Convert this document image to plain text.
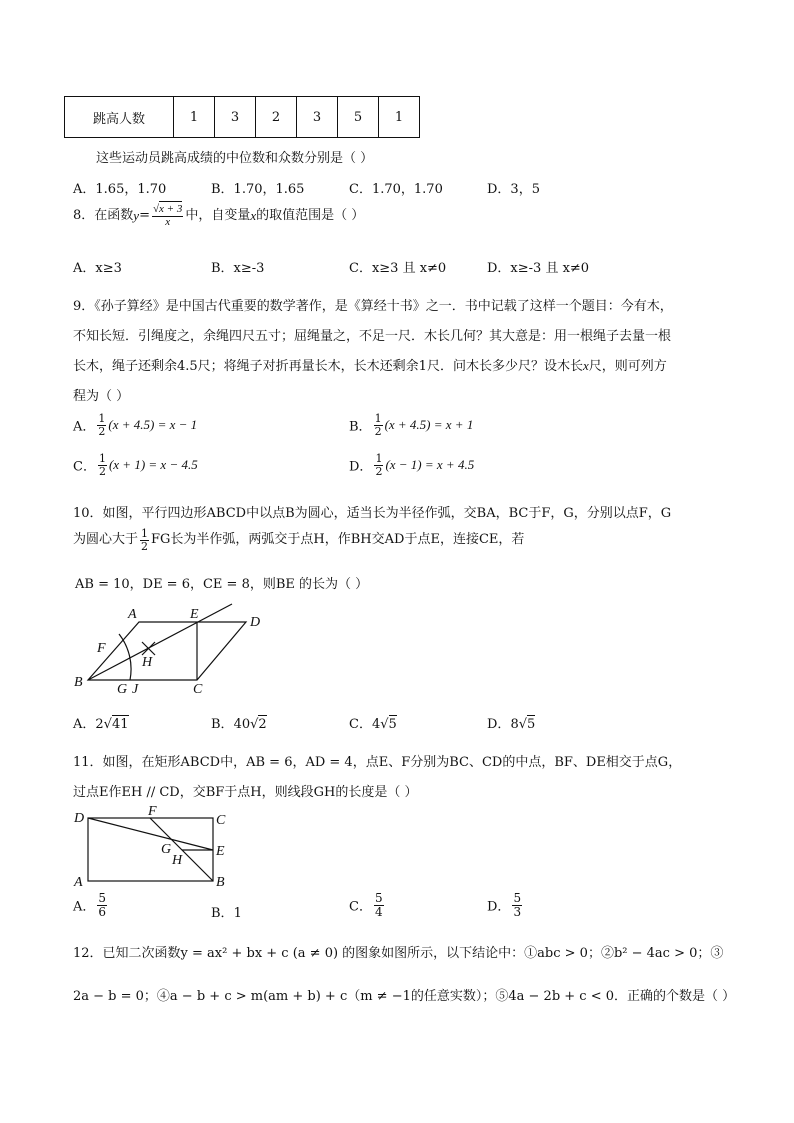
跳高人数	1	3	2	3	5	1
这些运动员跳高成绩的中位数和众数分别是（ ）
A．1.65，1.70	B．1.70，1.65	C．1.70，1.70	D．3，5
8．在函数$y= \frac{√x + 3}{x}$ 中，自变量x的取值范围是（ ）
A．x≥3	B．x≥-3	C．x≥3 且 x≠0	D．x≥-3 且 x≠0
9．《孙子算经》是中国古代重要的数学著作，是《算经十书》之一．书中记载了这样一个题目：今有木，
不知长短．引绳度之，余绳四尺五寸；屈绳量之，不足一尺．木长几何？其大意是：用一根绳子去量一根
长木，绳子还剩余4.5尺；将绳子对折再量长木，长木还剩余1尺．问木长多少尺？设木长x尺，则可列方
程为（ ）
A． $\frac{1}{2} (x + 4.5) = x - 1$	B． $\frac{1}{2} (x + 4.5) = x + 1$
C． $\frac{1}{2} (x + 1) = x - 4.5$	D． $\frac{1}{2} (x - 1) = x + 4.5$
10．如图，平行四边形ABCD中以点B为圆心，适当长为半径作弧，交BA，BC于F，G，分别以点F，G
为圆心大于 $\frac{1}{2}$ FG长为半作弧，两弧交于点H，作BH交AD于点E，连接CE，若
AB = 10，DE = 6，CE = 8，则BE 的长为（ ）
A	E
D
F
H
B G J	C
A．2√41	B．40√2	C．4√5	D．8√5
11．如图，在矩形ABCD中，AB = 6，AD = 4，点E、F分别为BC、CD的中点，BF、DE相交于点G，
过点E作EH // CD，交BF于点H，则线段GH的长度是（ ）
D	F
C
G
H
E
A	B
A． $\frac{5}{6}$	B．1	C． $\frac{5}{4}$	D． $\frac{5}{3}$
12．已知二次函数y = ax² + bx + c (a ≠ 0) 的图象如图所示，以下结论中：①abc > 0；②b² − 4ac > 0；③
2a − b = 0；④a − b + c > m(am + b) + c（m ≠ −1的任意实数）；⑤4a − 2b + c < 0．正确的个数是（ ）
